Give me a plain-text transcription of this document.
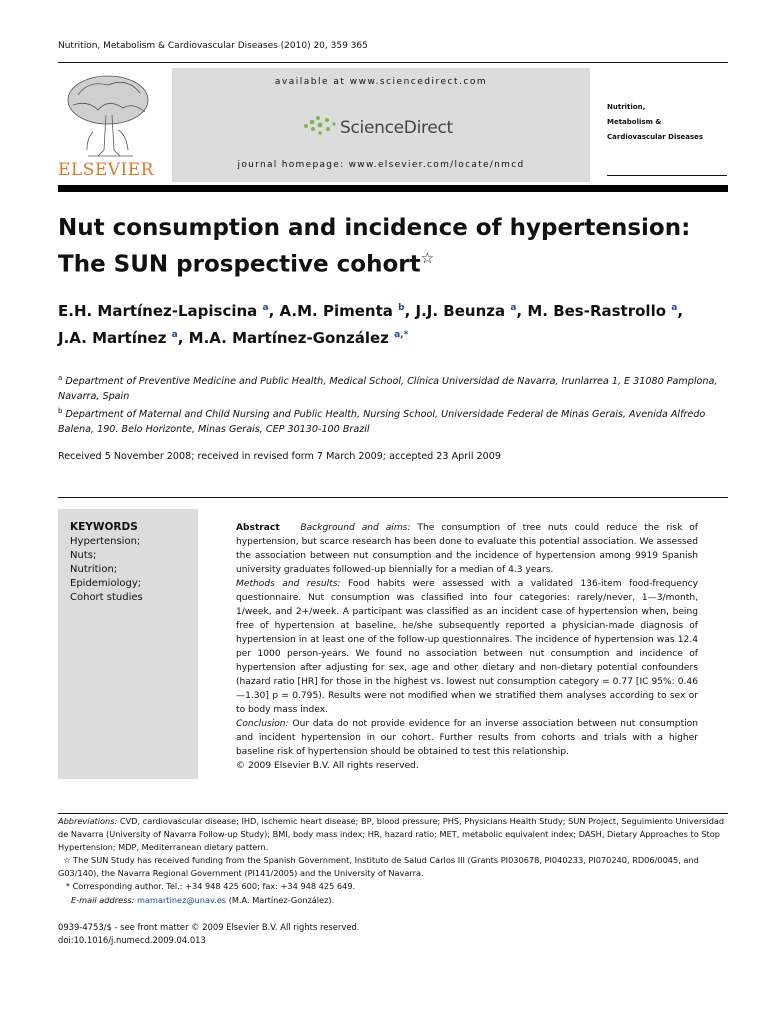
Nutrition, Metabolism & Cardiovascular Diseases (2010) 20, 359 365
ELSEVIER
available at www.sciencedirect.com
ScienceDirect
journal homepage: www.elsevier.com/locate/nmcd
Nutrition,
Metabolism &
Cardiovascular Diseases
Nut consumption and incidence of hypertension:
The SUN prospective cohort☆
E.H. Martínez-Lapiscina $^a$, A.M. Pimenta $^b$, J.J. Beunza $^a$, M. Bes-Rastrollo $^a$,
J.A. Martínez $^a$, M.A. Martínez-González $^{a,*}$
$^a$ Department of Preventive Medicine and Public Health, Medical School, Clínica Universidad de Navarra, Irunlarrea 1, E 31080 Pamplona, Navarra, Spain
$^b$ Department of Maternal and Child Nursing and Public Health, Nursing School, Universidade Federal de Minas Gerais, Avenida Alfredo Balena, 190. Belo Horizonte, Minas Gerais, CEP 30130-100 Brazil
Received 5 November 2008; received in revised form 7 March 2009; accepted 23 April 2009
KEYWORDS
Hypertension;
Nuts;
Nutrition;
Epidemiology;
Cohort studies
Abstract Background and aims: The consumption of tree nuts could reduce the risk of hypertension, but scarce research has been done to evaluate this potential association. We assessed the association between nut consumption and the incidence of hypertension among 9919 Spanish university graduates followed-up biennially for a median of 4.3 years.
Methods and results: Food habits were assessed with a validated 136-item food-frequency questionnaire. Nut consumption was classified into four categories: rarely/never, 1—3/month, 1/week, and 2+/week. A participant was classified as an incident case of hypertension when, being free of hypertension at baseline, he/she subsequently reported a physician-made diagnosis of hypertension in at least one of the follow-up questionnaires. The incidence of hypertension was 12.4 per 1000 person-years. We found no association between nut consumption and incidence of hypertension after adjusting for sex, age and other dietary and non-dietary potential confounders (hazard ratio [HR] for those in the highest vs. lowest nut consumption category = 0.77 [IC 95%: 0.46—1.30] p = 0.795). Results were not modified when we stratified them analyses according to sex or to body mass index.
Conclusion: Our data do not provide evidence for an inverse association between nut consumption and incident hypertension in our cohort. Further results from cohorts and trials with a higher baseline risk of hypertension should be obtained to test this relationship.
© 2009 Elsevier B.V. All rights reserved.
Abbreviations: CVD, cardiovascular disease; IHD, ischemic heart disease; BP, blood pressure; PHS, Physicians Health Study; SUN Project, Seguimiento Universidad de Navarra (University of Navarra Follow-up Study); BMI, body mass index; HR, hazard ratio; MET, metabolic equivalent index; DASH, Dietary Approaches to Stop Hypertension; MDP, Mediterranean dietary pattern.
☆ The SUN Study has received funding from the Spanish Government, Instituto de Salud Carlos III (Grants PI030678, PI040233, PI070240, RD06/0045, and G03/140), the Navarra Regional Government (PI141/2005) and the University of Navarra.
* Corresponding author. Tel.: +34 948 425 600; fax: +34 948 425 649.
E-mail address: mamartinez@unav.es (M.A. Martínez-González).
0939-4753/$ - see front matter © 2009 Elsevier B.V. All rights reserved.
doi:10.1016/j.numecd.2009.04.013
